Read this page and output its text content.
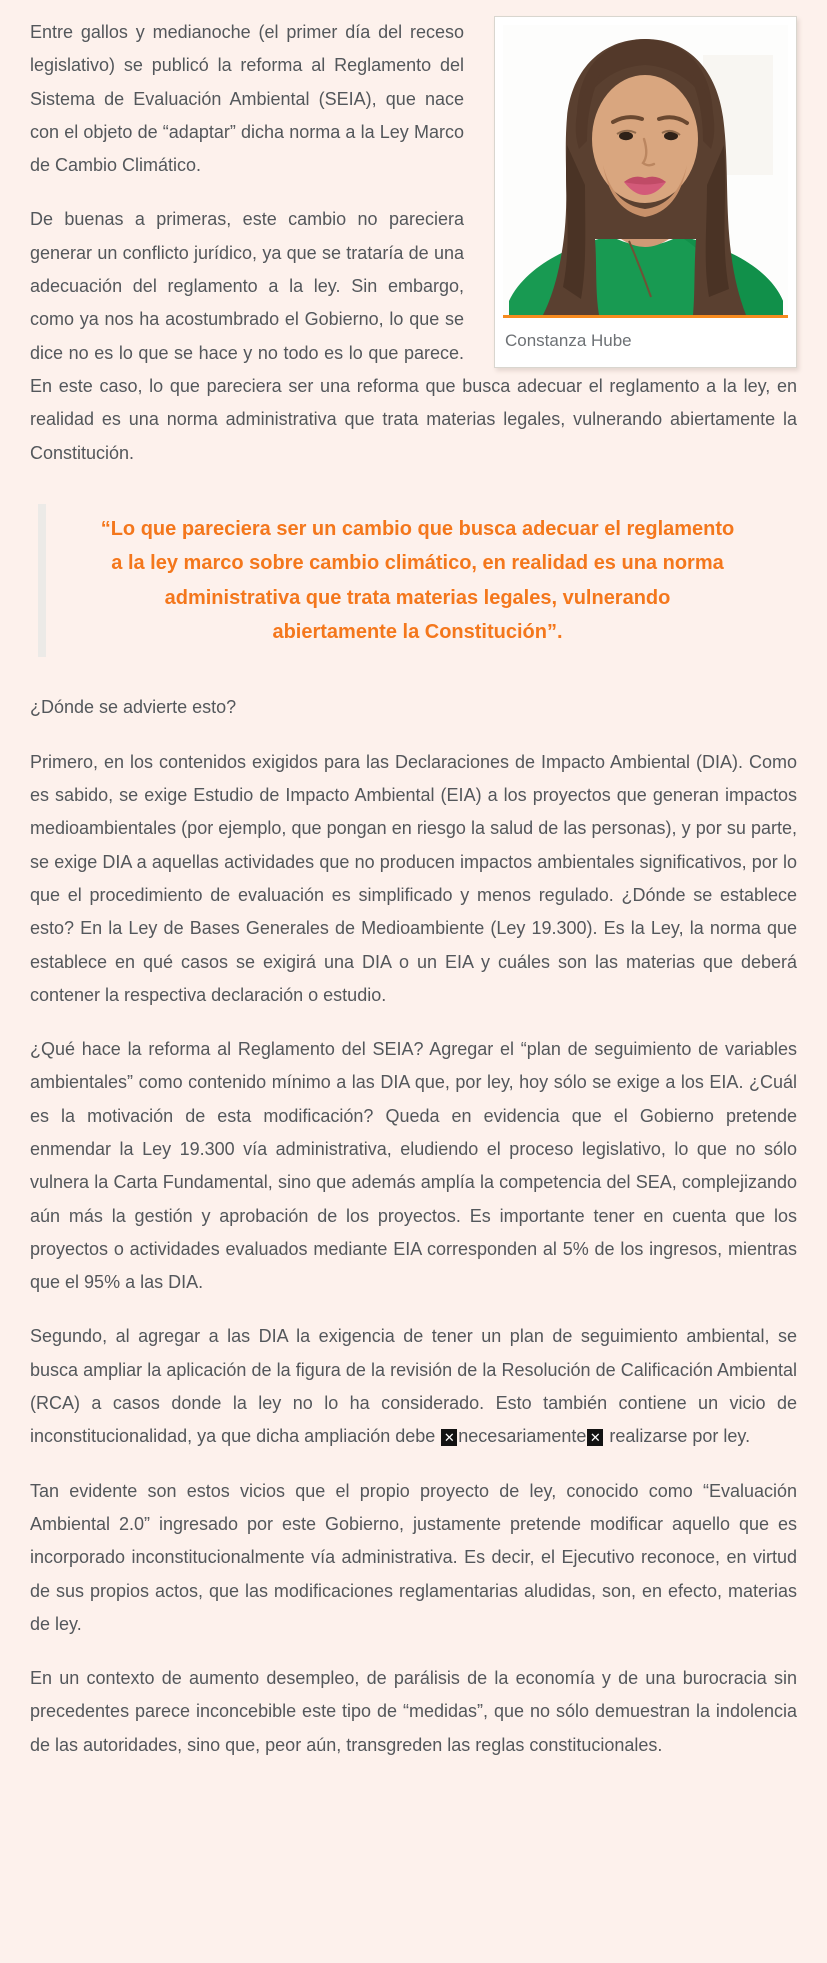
Constanza Hube

Entre gallos y medianoche (el primer día del receso legislativo) se publicó la reforma al Reglamento del Sistema de Evaluación Ambiental (SEIA), que nace con el objeto de “adaptar” dicha norma a la Ley Marco de Cambio Climático.

De buenas a primeras, este cambio no pareciera generar un conflicto jurídico, ya que se trataría de una adecuación del reglamento a la ley. Sin embargo, como ya nos ha acostumbrado el Gobierno, lo que se dice no es lo que se hace y no todo es lo que parece. En este caso, lo que pareciera ser una reforma que busca adecuar el reglamento a la ley, en realidad es una norma administrativa que trata materias legales, vulnerando abiertamente la Constitución.

“Lo que pareciera ser un cambio que busca adecuar el reglamento a la ley marco sobre cambio climático, en realidad es una norma administrativa que trata materias legales, vulnerando abiertamente la Constitución”.

¿Dónde se advierte esto?

Primero, en los contenidos exigidos para las Declaraciones de Impacto Ambiental (DIA). Como es sabido, se exige Estudio de Impacto Ambiental (EIA) a los proyectos que generan impactos medioambientales (por ejemplo, que pongan en riesgo la salud de las personas), y por su parte, se exige DIA a aquellas actividades que no producen impactos ambientales significativos, por lo que el procedimiento de evaluación es simplificado y menos regulado. ¿Dónde se establece esto? En la Ley de Bases Generales de Medioambiente (Ley 19.300). Es la Ley, la norma que establece en qué casos se exigirá una DIA o un EIA y cuáles son las materias que deberá contener la respectiva declaración o estudio.

¿Qué hace la reforma al Reglamento del SEIA? Agregar el “plan de seguimiento de variables ambientales” como contenido mínimo a las DIA que, por ley, hoy sólo se exige a los EIA. ¿Cuál es la motivación de esta modificación? Queda en evidencia que el Gobierno pretende enmendar la Ley 19.300 vía administrativa, eludiendo el proceso legislativo, lo que no sólo vulnera la Carta Fundamental, sino que además amplía la competencia del SEA, complejizando aún más la gestión y aprobación de los proyectos. Es importante tener en cuenta que los proyectos o actividades evaluados mediante EIA corresponden al 5% de los ingresos, mientras que el 95% a las DIA.

Segundo, al agregar a las DIA la exigencia de tener un plan de seguimiento ambiental, se busca ampliar la aplicación de la figura de la revisión de la Resolución de Calificación Ambiental (RCA) a casos donde la ley no lo ha considerado. Esto también contiene un vicio de inconstitucionalidad, ya que dicha ampliación debe ✕ necesariamente ✕ realizarse por ley.

Tan evidente son estos vicios que el propio proyecto de ley, conocido como “Evaluación Ambiental 2.0” ingresado por este Gobierno, justamente pretende modificar aquello que es incorporado inconstitucionalmente vía administrativa. Es decir, el Ejecutivo reconoce, en virtud de sus propios actos, que las modificaciones reglamentarias aludidas, son, en efecto, materias de ley.

En un contexto de aumento desempleo, de parálisis de la economía y de una burocracia sin precedentes parece inconcebible este tipo de “medidas”, que no sólo demuestran la indolencia de las autoridades, sino que, peor aún, transgreden las reglas constitucionales.
